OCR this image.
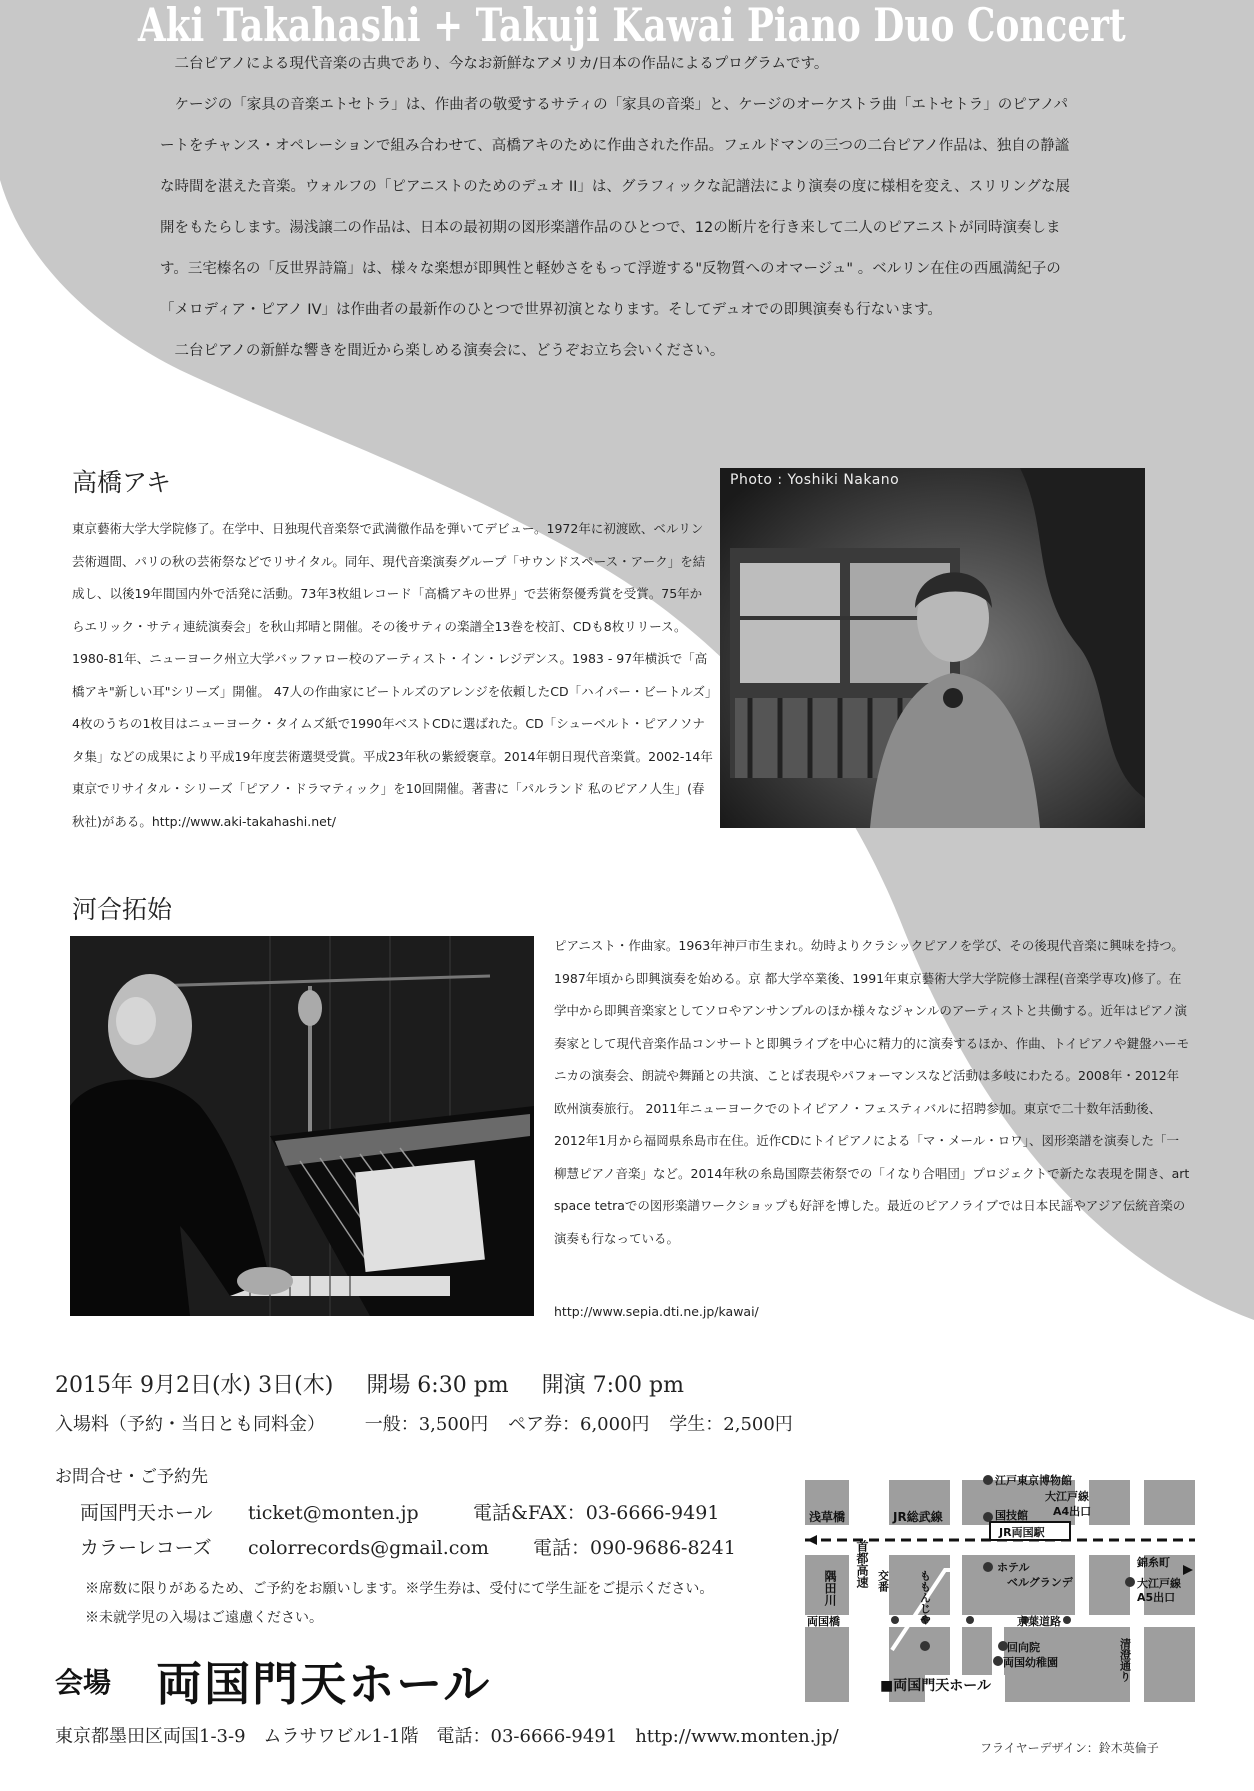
Aki Takahashi + Takuji Kawai Piano Duo Concert

二台ピアノによる現代音楽の古典であり、今なお新鮮なアメリカ/日本の作品によるプログラムです。

ケージの「家具の音楽エトセトラ」は、作曲者の敬愛するサティの「家具の音楽」と、ケージのオーケストラ曲「エトセトラ」のピアノパートをチャンス・オペレーションで組み合わせて、高橋アキのために作曲された作品。フェルドマンの三つの二台ピアノ作品は、独自の静謐な時間を湛えた音楽。ウォルフの「ピアニストのためのデュオ II」は、グラフィックな記譜法により演奏の度に様相を変え、スリリングな展開をもたらします。湯浅譲二の作品は、日本の最初期の図形楽譜作品のひとつで、12の断片を行き来して二人のピアニストが同時演奏します。三宅榛名の「反世界詩篇」は、様々な楽想が即興性と軽妙さをもって浮遊する"反物質へのオマージュ" 。ベルリン在住の西風満紀子の「メロディア・ピアノ IV」は作曲者の最新作のひとつで世界初演となります。そしてデュオでの即興演奏も行ないます。

二台ピアノの新鮮な響きを間近から楽しめる演奏会に、どうぞお立ち会いください。

高橋アキ
東京藝術大学大学院修了。在学中、日独現代音楽祭で武満徹作品を弾いてデビュー。1972年に初渡欧、ベルリン芸術週間、パリの秋の芸術祭などでリサイタル。同年、現代音楽演奏グループ「サウンドスペース・アーク」を結成し、以後19年間国内外で活発に活動。73年3枚組レコード「高橋アキの世界」で芸術祭優秀賞を受賞。75年からエリック・サティ連続演奏会」を秋山邦晴と開催。その後サティの楽譜全13巻を校訂、CDも8枚リリース。1980-81年、ニューヨーク州立大学バッファロー校のアーティスト・イン・レジデンス。1983 - 97年横浜で「高橋アキ"新しい耳"シリーズ」開催。 47人の作曲家にビートルズのアレンジを依頼したCD「ハイパー・ビートルズ」4枚のうちの1枚目はニューヨーク・タイムズ紙で1990年ベストCDに選ばれた。CD「シューベルト・ピアノソナタ集」などの成果により平成19年度芸術選奨受賞。平成23年秋の紫綬褒章。2014年朝日現代音楽賞。2002-14年東京でリサイタル・シリーズ「ピアノ・ドラマティック」を10回開催。著書に「パルランド 私のピアノ人生」(春秋社)がある。http://www.aki-takahashi.net/
Photo : Yoshiki Nakano
河合拓始
ピアニスト・作曲家。1963年神戸市生まれ。幼時よりクラシックピアノを学び、その後現代音楽に興味を持つ。1987年頃から即興演奏を始める。京 都大学卒業後、1991年東京藝術大学大学院修士課程(音楽学専攻)修了。在学中から即興音楽家としてソロやアンサンブルのほか様々なジャンルのアーティストと共働する。近年はピアノ演奏家として現代音楽作品コンサートと即興ライブを中心に精力的に演奏するほか、作曲、トイピアノや鍵盤ハーモニカの演奏会、朗読や舞踊との共演、ことば表現やパフォーマンスなど活動は多岐にわたる。2008年・2012年欧州演奏旅行。 2011年ニューヨークでのトイピアノ・フェスティバルに招聘参加。東京で二十数年活動後、2012年1月から福岡県糸島市在住。近作CDにトイピアノによる「マ・メール・ロワ」、図形楽譜を演奏した「一柳慧ピアノ音楽」など。2014年秋の糸島国際芸術祭での「イなり合唱団」プロジェクトで新たな表現を開き、art space tetraでの図形楽譜ワークショップも好評を博した。最近のピアノライブでは日本民謡やアジア伝統音楽の演奏も行なっている。
http://www.sepia.dti.ne.jp/kawai/
2015年 9月2日(水) 3日(木) 開場 6:30 pm 開演 7:00 pm
入場料（予約・当日とも同料金） 一般：3,500円 ペア券：6,000円 学生：2,500円
お問合せ・ご予約先
両国門天ホール ticket@monten.jp	電話&FAX：03-6666-9491
カラーレコーズ colorrecords@gmail.com 電話：090-9686-8241
※席数に限りがあるため、ご予約をお願いします。※学生券は、受付にて学生証をご提示ください。
※未就学児の入場はご遠慮ください。
会場 両国門天ホール
東京都墨田区両国1-3-9　ムラサワビル1-1階　電話：03-6666-9491　http://www.monten.jp/
フライヤーデザイン：鈴木英倫子
浅草橋	JR総武線
江戸東京博物館
大江戸線
A4出口
国技館
JR両国駅
錦糸町
隅田川 首都高速 交番	ももんじや
ホテル
ベルグランデ	大江戸線
A5出口
両国橋	京葉道路
回向院
両国幼稚園	清澄通り
■両国門天ホール
